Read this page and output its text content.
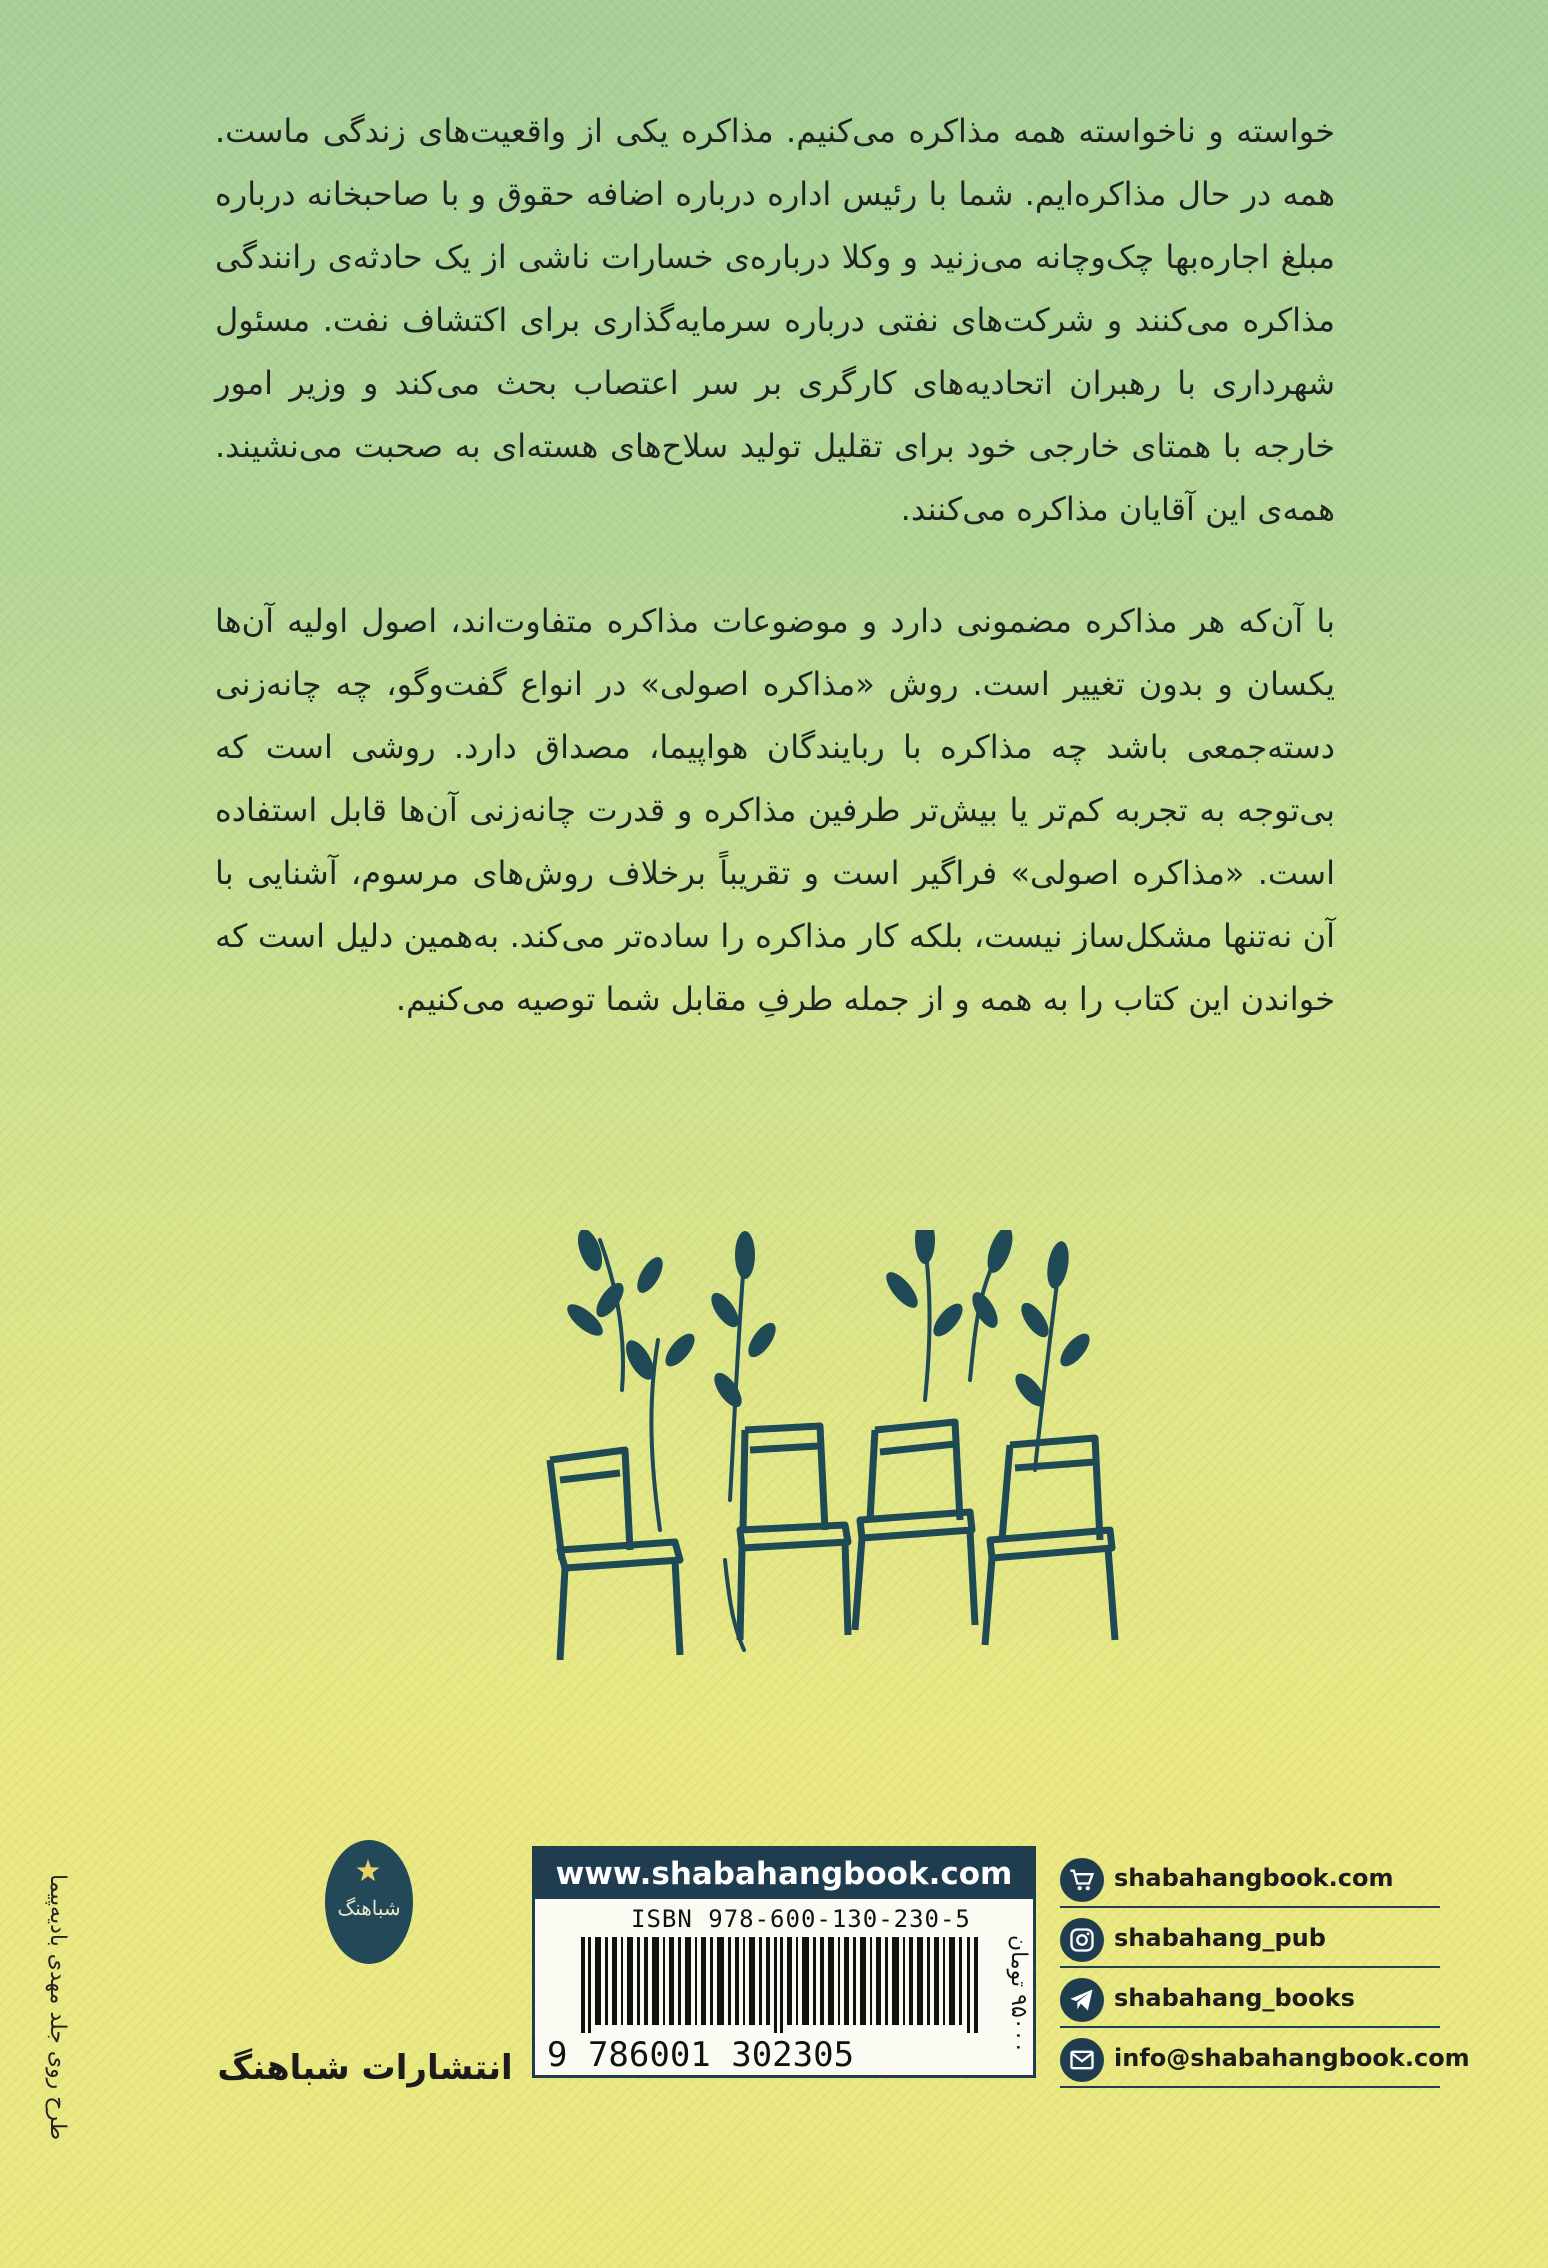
خواسته و ناخواسته همه مذاکره می‌کنیم. مذاکره یکی از واقعیت‌های زندگی ماست. همه در حال مذاکره‌ایم. شما با رئیس اداره درباره اضافه حقوق و با صاحبخانه درباره مبلغ اجاره‌بها چک‌وچانه می‌زنید و وکلا درباره‌ی خسارات ناشی از یک حادثه‌ی رانندگی مذاکره می‌کنند و شرکت‌های نفتی درباره سرمایه‌گذاری برای اکتشاف نفت. مسئول شهرداری با رهبران اتحادیه‌های کارگری بر سر اعتصاب بحث می‌کند و وزیر امور خارجه با همتای خارجی خود برای تقلیل تولید سلاح‌های هسته‌ای به صحبت می‌نشیند. همه‌ی این آقایان مذاکره می‌کنند.
با آن‌که هر مذاکره مضمونی دارد و موضوعات مذاکره متفاوت‌اند، اصول اولیه آن‌ها یکسان و بدون تغییر است. روش «مذاکره اصولی» در انواع گفت‌وگو، چه چانه‌زنی دسته‌جمعی باشد چه مذاکره با ربایندگان هواپیما، مصداق دارد. روشی است که بی‌توجه به تجربه کم‌تر یا بیش‌تر طرفین مذاکره و قدرت چانه‌زنی آن‌ها قابل استفاده است. «مذاکره اصولی» فراگیر است و تقریباً برخلاف روش‌های مرسوم، آشنایی با آن نه‌تنها مشکل‌ساز نیست، بلکه کار مذاکره را ساده‌تر می‌کند. به‌همین دلیل است که خواندن این کتاب را به همه و از جمله طرفِ مقابل شما توصیه می‌کنیم.
طرح روی جلد مهدی بادیه‌پیما	شباهنگ
انتشارات شباهنگ
www.shabahangbook.com
ISBN 978-600-130-230-5
9 786001 302305
۹۵۰۰۰ تومان
shabahangbook.com
shabahang_pub
shabahang_books
info@shabahangbook.com
